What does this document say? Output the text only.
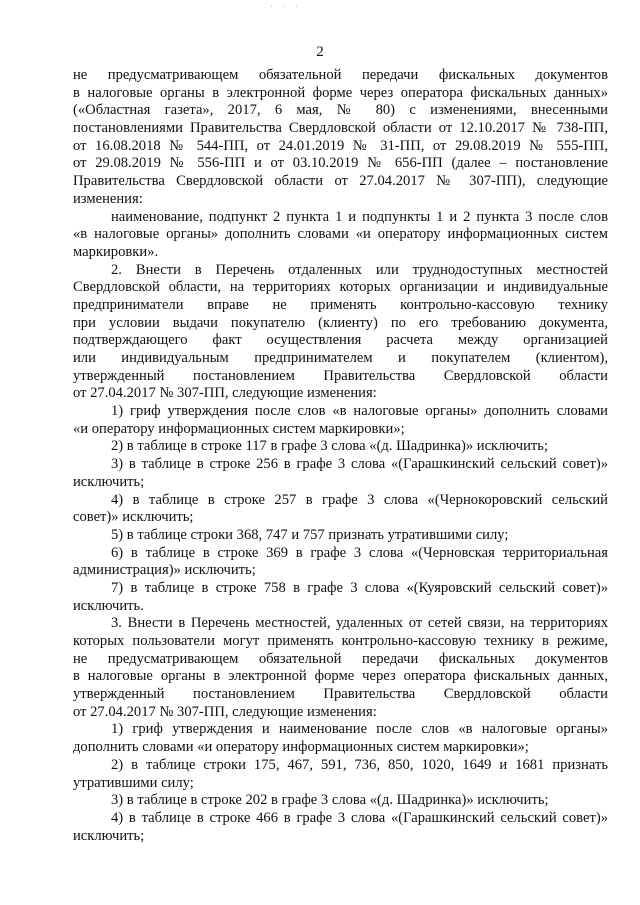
· · ·
2
не предусматривающем обязательной передачи фискальных документов
в налоговые органы в электронной форме через оператора фискальных данных»
(«Областная газета», 2017, 6 мая, № 80) с изменениями, внесенными
постановлениями Правительства Свердловской области от 12.10.2017 № 738-ПП,
от 16.08.2018 № 544-ПП, от 24.01.2019 № 31-ПП, от 29.08.2019 № 555-ПП,
от 29.08.2019 № 556-ПП и от 03.10.2019 № 656-ПП (далее – постановление
Правительства Свердловской области от 27.04.2017 № 307-ПП), следующие
изменения:
наименование, подпункт 2 пункта 1 и подпункты 1 и 2 пункта 3 после слов
«в налоговые органы» дополнить словами «и оператору информационных систем
маркировки».
2. Внести в Перечень отдаленных или труднодоступных местностей
Свердловской области, на территориях которых организации и индивидуальные
предприниматели вправе не применять контрольно-кассовую технику
при условии выдачи покупателю (клиенту) по его требованию документа,
подтверждающего факт осуществления расчета между организацией
или индивидуальным предпринимателем и покупателем (клиентом),
утвержденный постановлением Правительства Свердловской области
от 27.04.2017 № 307-ПП, следующие изменения:
1) гриф утверждения после слов «в налоговые органы» дополнить словами
«и оператору информационных систем маркировки»;
2) в таблице в строке 117 в графе 3 слова «(д. Шадринка)» исключить;
3) в таблице в строке 256 в графе 3 слова «(Гарашкинский сельский совет)»
исключить;
4) в таблице в строке 257 в графе 3 слова «(Чернокоровский сельский
совет)» исключить;
5) в таблице строки 368, 747 и 757 признать утратившими силу;
6) в таблице в строке 369 в графе 3 слова «(Черновская территориальная
администрация)» исключить;
7) в таблице в строке 758 в графе 3 слова «(Куяровский сельский совет)»
исключить.
3. Внести в Перечень местностей, удаленных от сетей связи, на территориях
которых пользователи могут применять контрольно-кассовую технику в режиме,
не предусматривающем обязательной передачи фискальных документов
в налоговые органы в электронной форме через оператора фискальных данных,
утвержденный постановлением Правительства Свердловской области
от 27.04.2017 № 307-ПП, следующие изменения:
1) гриф утверждения и наименование после слов «в налоговые органы»
дополнить словами «и оператору информационных систем маркировки»;
2) в таблице строки 175, 467, 591, 736, 850, 1020, 1649 и 1681 признать
утратившими силу;
3) в таблице в строке 202 в графе 3 слова «(д. Шадринка)» исключить;
4) в таблице в строке 466 в графе 3 слова «(Гарашкинский сельский совет)»
исключить;
